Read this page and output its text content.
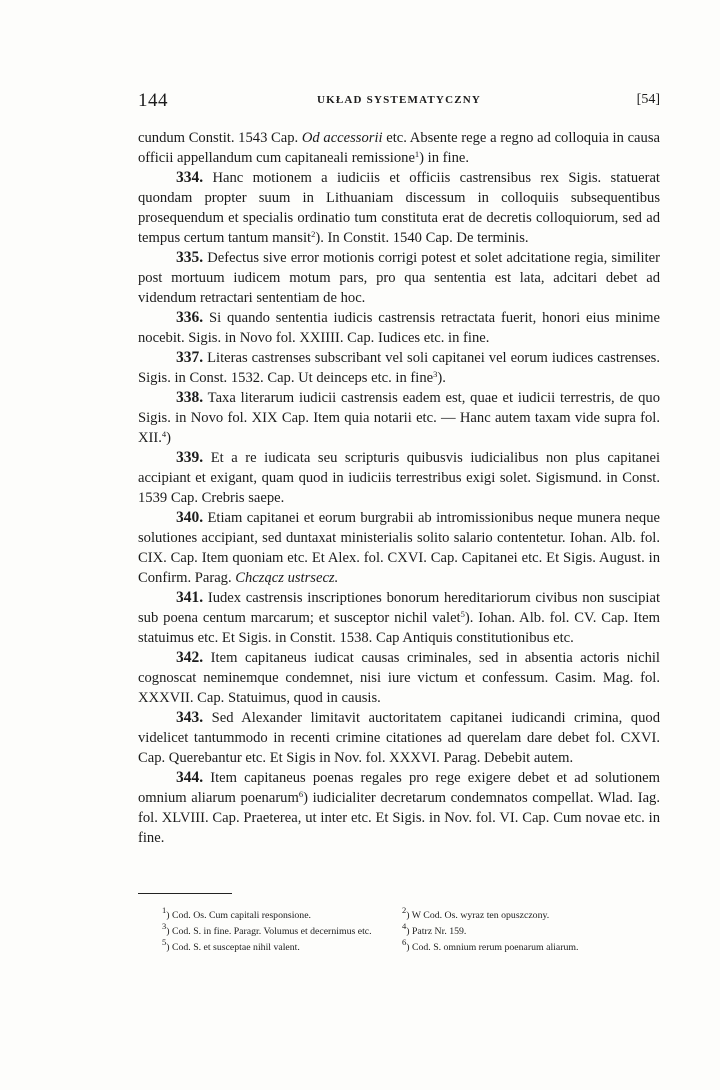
144	UKŁAD SYSTEMATYCZNY	[54]

cundum Constit. 1543 Cap. Od accessorii etc. Absente rege a regno ad colloquia in causa officii appellandum cum capitaneali remissione$^1$) in fine.

334. Hanc motionem a iudiciis et officiis castrensibus rex Sigis. statuerat quondam propter suum in Lithuaniam discessum in colloquiis subsequentibus prosequendum et specialis ordinatio tum constituta erat de decretis colloquiorum, sed ad tempus certum tantum mansit$^2$). In Constit. 1540 Cap. De terminis.

335. Defectus sive error motionis corrigi potest et solet adcitatione regia, similiter post mortuum iudicem motum pars, pro qua sententia est lata, adcitari debet ad videndum retractari sententiam de hoc.

336. Si quando sententia iudicis castrensis retractata fuerit, honori eius minime nocebit. Sigis. in Novo fol. XXIIII. Cap. Iudices etc. in fine.

337. Literas castrenses subscribant vel soli capitanei vel eorum iudices castrenses. Sigis. in Const. 1532. Cap. Ut deinceps etc. in fine$^3$).

338. Taxa literarum iudicii castrensis eadem est, quae et iudicii terrestris, de quo Sigis. in Novo fol. XIX Cap. Item quia notarii etc. — Hanc autem taxam vide supra fol. XII.$^4$)

339. Et a re iudicata seu scripturis quibusvis iudicialibus non plus capitanei accipiant et exigant, quam quod in iudiciis terrestribus exigi solet. Sigismund. in Const. 1539 Cap. Crebris saepe.

340. Etiam capitanei et eorum burgrabii ab intromissionibus neque munera neque solutiones accipiant, sed duntaxat ministerialis solito salario contentetur. Iohan. Alb. fol. CIX. Cap. Item quoniam etc. Et Alex. fol. CXVI. Cap. Capitanei etc. Et Sigis. August. in Confirm. Parag. Chczącz ustrsecz.

341. Iudex castrensis inscriptiones bonorum hereditariorum civibus non suscipiat sub poena centum marcarum; et susceptor nichil valet$^5$). Iohan. Alb. fol. CV. Cap. Item statuimus etc. Et Sigis. in Constit. 1538. Cap Antiquis constitutionibus etc.

342. Item capitaneus iudicat causas criminales, sed in absentia actoris nichil cognoscat neminemque condemnet, nisi iure victum et confessum. Casim. Mag. fol. XXXVII. Cap. Statuimus, quod in causis.

343. Sed Alexander limitavit auctoritatem capitanei iudicandi crimina, quod videlicet tantummodo in recenti crimine citationes ad querelam dare debet fol. CXVI. Cap. Querebantur etc. Et Sigis in Nov. fol. XXXVI. Parag. Debebit autem.

344. Item capitaneus poenas regales pro rege exigere debet et ad solutionem omnium aliarum poenarum$^6$) iudicialiter decretarum condemnatos compellat. Wlad. Iag. fol. XLVIII. Cap. Praeterea, ut inter etc. Et Sigis. in Nov. fol. VI. Cap. Cum novae etc. in fine.

$^1$) Cod. Os. Cum capitali responsione.	$^2$) W Cod. Os. wyraz ten opuszczony.
$^3$) Cod. S. in fine. Paragr. Volumus et decernimus etc.	$^4$) Patrz Nr. 159.
$^5$) Cod. S. et susceptae nihil valent.	$^6$) Cod. S. omnium rerum poenarum aliarum.
